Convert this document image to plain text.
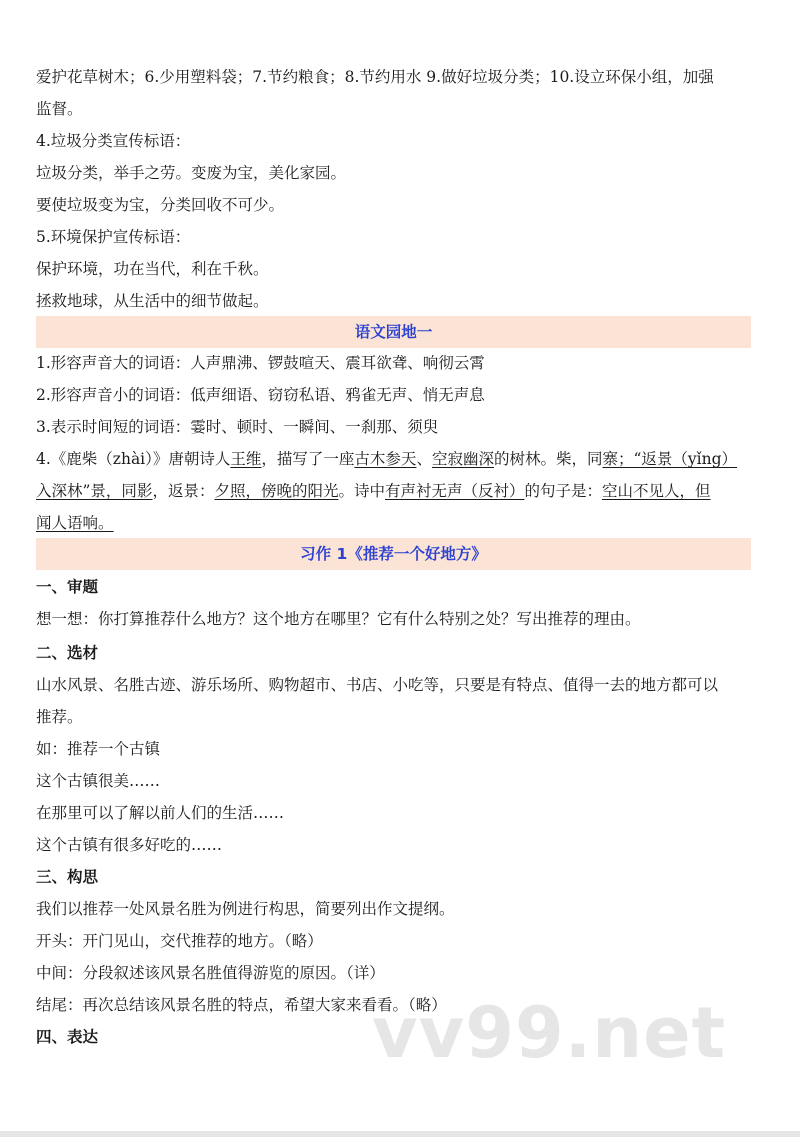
爱护花草树木；6.少用塑料袋；7.节约粮食；8.节约用水 9.做好垃圾分类；10.设立环保小组，加强
监督。
4.垃圾分类宣传标语：
垃圾分类，举手之劳。变废为宝，美化家园。
要使垃圾变为宝，分类回收不可少。
5.环境保护宣传标语：
保护环境，功在当代，利在千秋。
拯救地球，从生活中的细节做起。
语文园地一
1.形容声音大的词语：人声鼎沸、锣鼓喧天、震耳欲聋、响彻云霄
2.形容声音小的词语：低声细语、窃窃私语、鸦雀无声、悄无声息
3.表示时间短的词语：霎时、顿时、一瞬间、一刹那、须臾
4.《鹿柴（zhài）》唐朝诗人王维，描写了一座古木参天、空寂幽深的树林。柴，同寨；“返景（yǐng）
入深林”景，同影，返景：夕照，傍晚的阳光。诗中有声衬无声（反衬）的句子是：空山不见人，但
闻人语响。
习作 1《推荐一个好地方》
一、审题
想一想：你打算推荐什么地方？这个地方在哪里？它有什么特别之处？写出推荐的理由。
二、选材
山水风景、名胜古迹、游乐场所、购物超市、书店、小吃等，只要是有特点、值得一去的地方都可以
推荐。
如：推荐一个古镇
这个古镇很美……
在那里可以了解以前人们的生活……
这个古镇有很多好吃的……
三、构思
我们以推荐一处风景名胜为例进行构思，简要列出作文提纲。
开头：开门见山，交代推荐的地方。（略）
中间：分段叙述该风景名胜值得游览的原因。（详）
结尾：再次总结该风景名胜的特点，希望大家来看看。（略）
四、表达	vv99.net
